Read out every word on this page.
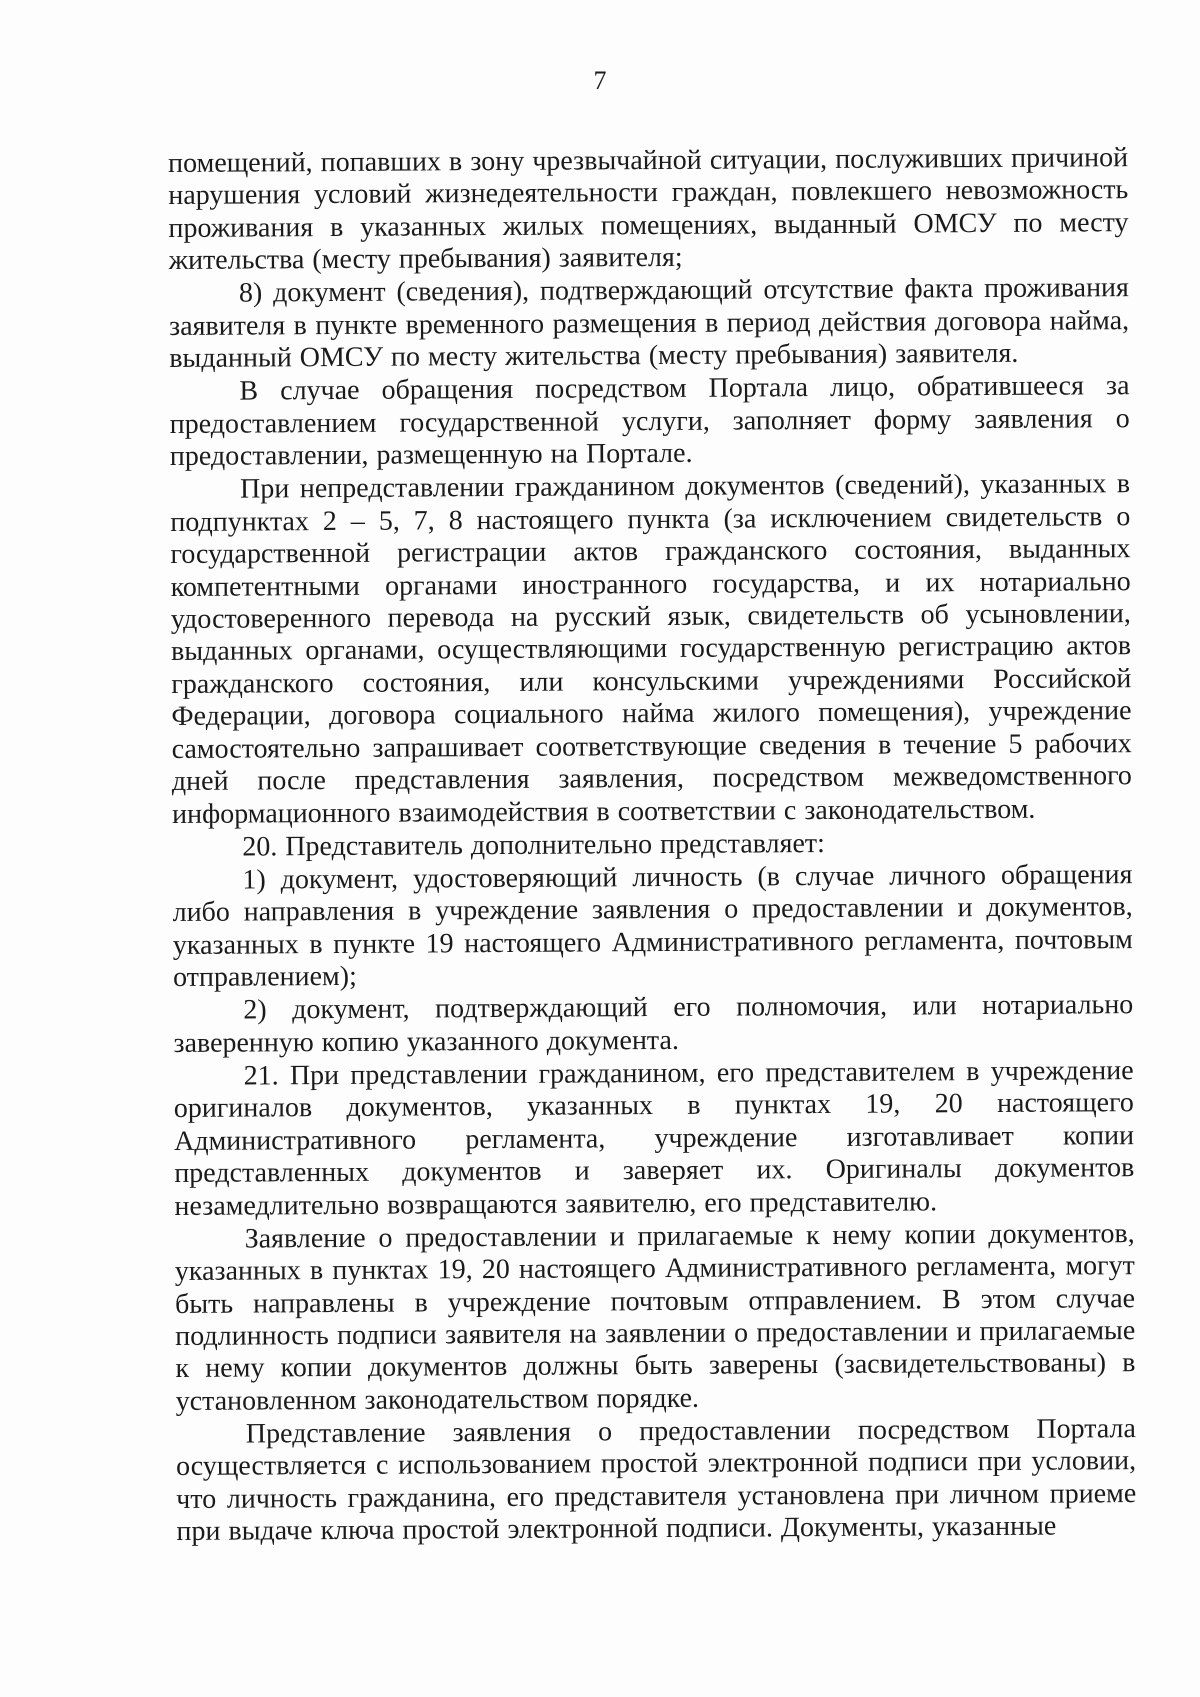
7

помещений, попавших в зону чрезвычайной ситуации, послуживших причиной нарушения условий жизнедеятельности граждан, повлекшего невозможность проживания в указанных жилых помещениях, выданный ОМСУ по месту жительства (месту пребывания) заявителя;

8) документ (сведения), подтверждающий отсутствие факта проживания заявителя в пункте временного размещения в период действия договора найма, выданный ОМСУ по месту жительства (месту пребывания) заявителя.

В случае обращения посредством Портала лицо, обратившееся за предоставлением государственной услуги, заполняет форму заявления о предоставлении, размещенную на Портале.

При непредставлении гражданином документов (сведений), указанных в подпунктах 2 – 5, 7, 8 настоящего пункта (за исключением свидетельств о государственной регистрации актов гражданского состояния, выданных компетентными органами иностранного государства, и их нотариально удостоверенного перевода на русский язык, свидетельств об усыновлении, выданных органами, осуществляющими государственную регистрацию актов гражданского состояния, или консульскими учреждениями Российской Федерации, договора социального найма жилого помещения), учреждение самостоятельно запрашивает соответствующие сведения в течение 5 рабочих дней после представления заявления, посредством межведомственного информационного взаимодействия в соответствии с законодательством.

20. Представитель дополнительно представляет:

1) документ, удостоверяющий личность (в случае личного обращения либо направления в учреждение заявления о предоставлении и документов, указанных в пункте 19 настоящего Административного регламента, почтовым отправлением);

2) документ, подтверждающий его полномочия, или нотариально заверенную копию указанного документа.

21. При представлении гражданином, его представителем в учреждение оригиналов документов, указанных в пунктах 19, 20 настоящего Административного регламента, учреждение изготавливает копии представленных документов и заверяет их. Оригиналы документов незамедлительно возвращаются заявителю, его представителю.

Заявление о предоставлении и прилагаемые к нему копии документов, указанных в пунктах 19, 20 настоящего Административного регламента, могут быть направлены в учреждение почтовым отправлением. В этом случае подлинность подписи заявителя на заявлении о предоставлении и прилагаемые к нему копии документов должны быть заверены (засвидетельствованы) в установленном законодательством порядке.

Представление заявления о предоставлении посредством Портала осуществляется с использованием простой электронной подписи при условии, что личность гражданина, его представителя установлена при личном приеме при выдаче ключа простой электронной подписи. Документы, указанные
